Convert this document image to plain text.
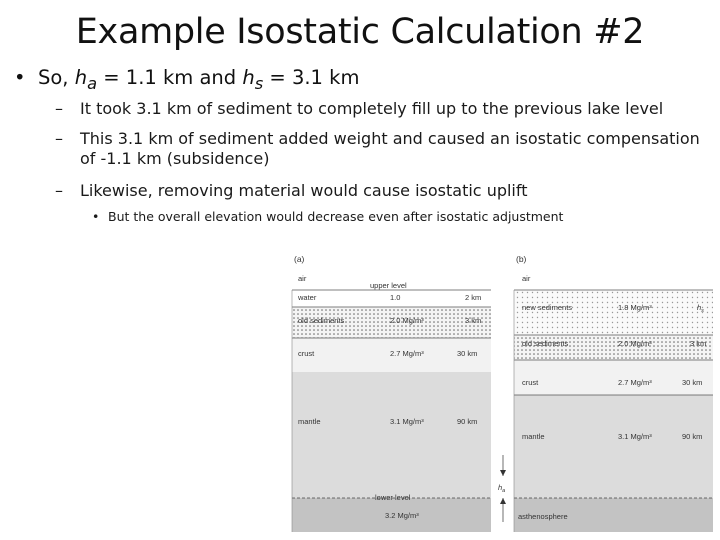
Example Isostatic Calculation #2
• So, $h_a = 1.1$ km and $h_s = 3.1$ km
– It took 3.1 km of sediment to completely fill up to the previous lake level
– This 3.1 km of sediment added weight and caused an isostatic compensation of -1.1 km (subsidence)
– Likewise, removing material would cause isostatic uplift
• But the overall elevation would decrease even after isostatic adjustment
(a)
air
upper level
water	1.0	2 km
old sediments	2.0 Mg/m³	3 km
crust	2.7 Mg/m³	30 km
mantle	3.1 Mg/m³	90 km
lower level
3.2 Mg/m³
(b)
air
new sediments	1.8 Mg/m³	$h_s$
old sediments	2.0 Mg/m³	3 km
crust	2.7 Mg/m³	30 km
mantle	3.1 Mg/m³	90 km
asthenosphere
$h_a$
